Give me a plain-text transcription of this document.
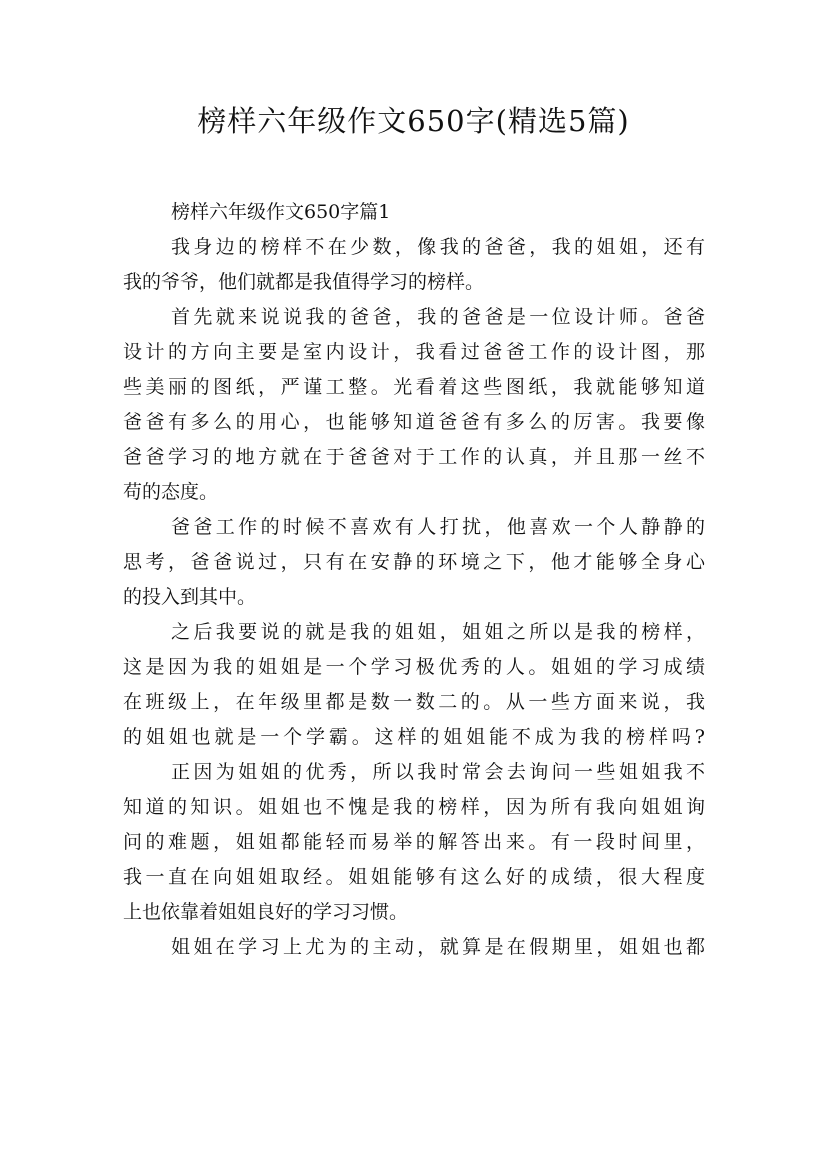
榜样六年级作文650字(精选5篇)
榜样六年级作文650字篇1
我身边的榜样不在少数，像我的爸爸，我的姐姐，还有
我的爷爷，他们就都是我值得学习的榜样。
首先就来说说我的爸爸，我的爸爸是一位设计师。爸爸
设计的方向主要是室内设计，我看过爸爸工作的设计图，那
些美丽的图纸，严谨工整。光看着这些图纸，我就能够知道
爸爸有多么的用心，也能够知道爸爸有多么的厉害。我要像
爸爸学习的地方就在于爸爸对于工作的认真，并且那一丝不
苟的态度。
爸爸工作的时候不喜欢有人打扰，他喜欢一个人静静的
思考，爸爸说过，只有在安静的环境之下，他才能够全身心
的投入到其中。
之后我要说的就是我的姐姐，姐姐之所以是我的榜样，
这是因为我的姐姐是一个学习极优秀的人。姐姐的学习成绩
在班级上，在年级里都是数一数二的。从一些方面来说，我
的姐姐也就是一个学霸。这样的姐姐能不成为我的榜样吗?
正因为姐姐的优秀，所以我时常会去询问一些姐姐我不
知道的知识。姐姐也不愧是我的榜样，因为所有我向姐姐询
问的难题，姐姐都能轻而易举的解答出来。有一段时间里，
我一直在向姐姐取经。姐姐能够有这么好的成绩，很大程度
上也依靠着姐姐良好的学习习惯。
姐姐在学习上尤为的主动，就算是在假期里，姐姐也都
